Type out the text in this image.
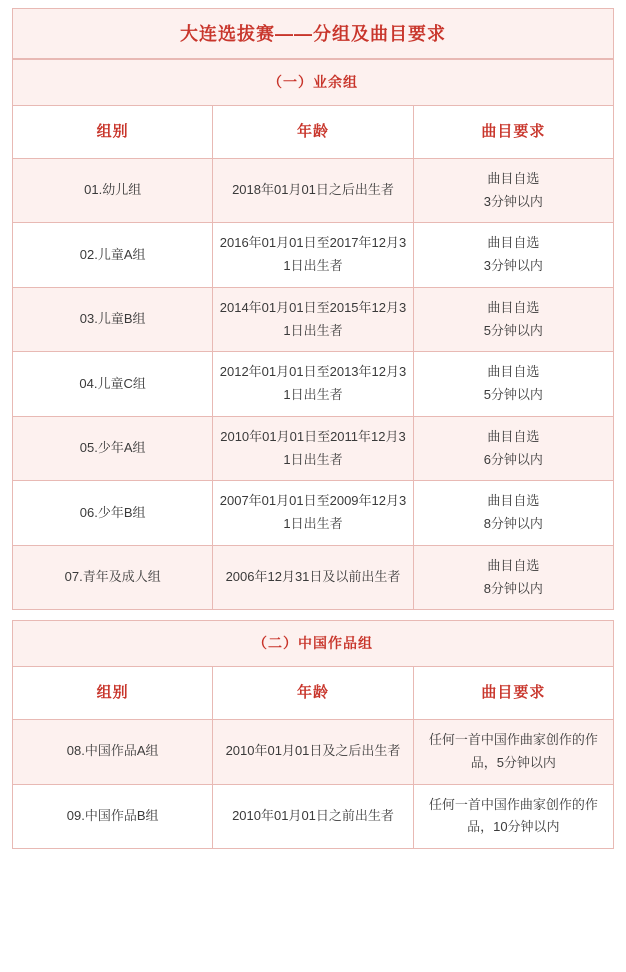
大连选拔赛——分组及曲目要求
（一）业余组		
组别	年龄	曲目要求
01.幼儿组	2018年01月01日之后出生者	曲目自选
3分钟以内

02.儿童A组	2016年01月01日至2017年12月31日出生者	曲目自选
3分钟以内

03.儿童B组	2014年01月01日至2015年12月31日出生者	曲目自选
5分钟以内

04.儿童C组	2012年01月01日至2013年12月31日出生者	曲目自选
5分钟以内

05.少年A组	2010年01月01日至2011年12月31日出生者	曲目自选
6分钟以内

06.少年B组	2007年01月01日至2009年12月31日出生者	曲目自选
8分钟以内

07.青年及成人组	2006年12月31日及以前出生者	曲目自选
8分钟以内
（二）中国作品组		
组别	年龄	曲目要求
08.中国作品A组	2010年01月01日及之后出生者	任何一首中国作曲家创作的作品，5分钟以内
09.中国作品B组	2010年01月01日之前出生者	任何一首中国作曲家创作的作品，10分钟以内
